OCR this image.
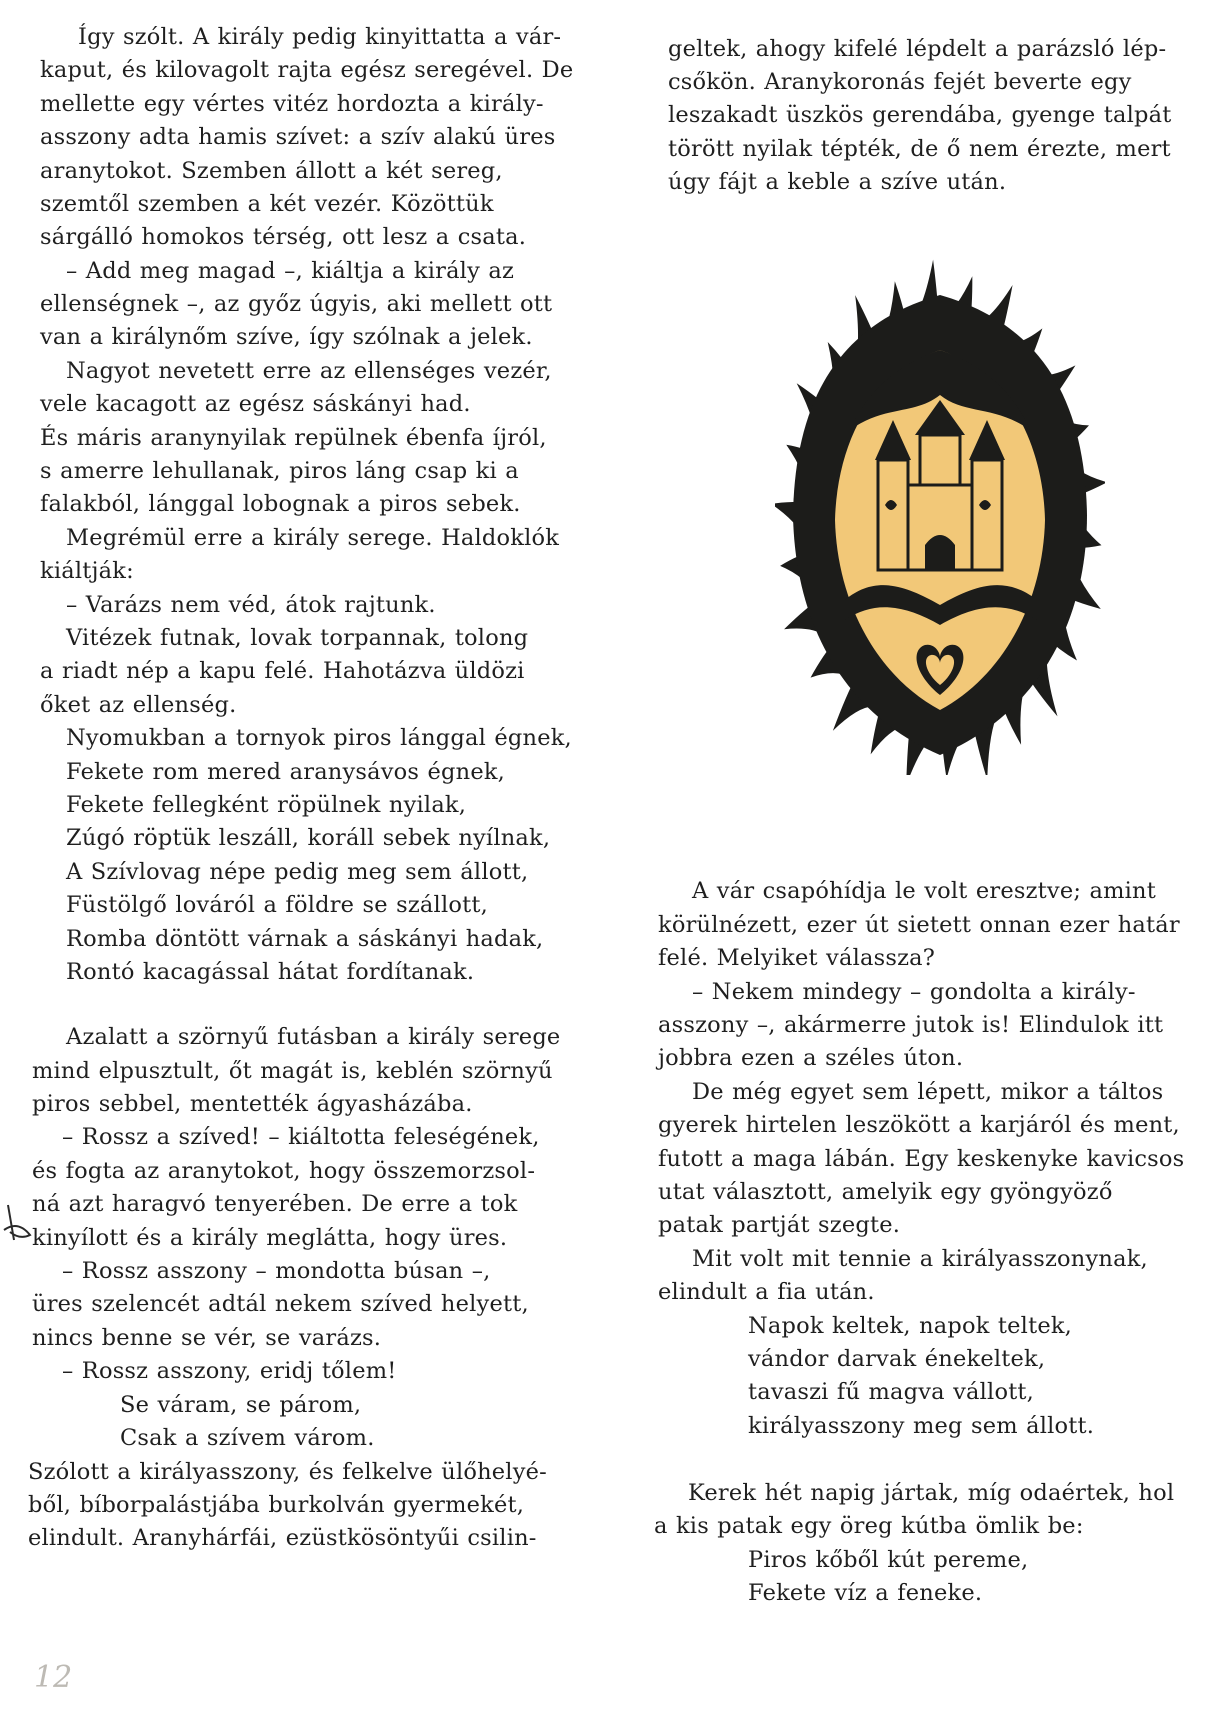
Így szólt. A király pedig kinyittatta a vár-
kaput, és kilovagolt rajta egész seregével. De
mellette egy vértes vitéz hordozta a király-
asszony adta hamis szívet: a szív alakú üres
aranytokot. Szemben állott a két sereg,
szemtől szemben a két vezér. Közöttük
sárgálló homokos térség, ott lesz a csata.
– Add meg magad –, kiáltja a király az
ellenségnek –, az győz úgyis, aki mellett ott
van a királynőm szíve, így szólnak a jelek.
Nagyot nevetett erre az ellenséges vezér,
vele kacagott az egész sáskányi had.
És máris aranynyilak repülnek ébenfa íjról,
s amerre lehullanak, piros láng csap ki a
falakból, lánggal lobognak a piros sebek.
Megrémül erre a király serege. Haldoklók
kiáltják:
– Varázs nem véd, átok rajtunk.
Vitézek futnak, lovak torpannak, tolong
a riadt nép a kapu felé. Hahotázva üldözi
őket az ellenség.
Nyomukban a tornyok piros lánggal égnek,
Fekete rom mered aranysávos égnek,
Fekete fellegként röpülnek nyilak,
Zúgó röptük leszáll, koráll sebek nyílnak,
A Szívlovag népe pedig meg sem állott,
Füstölgő lováról a földre se szállott,
Romba döntött várnak a sáskányi hadak,
Rontó kacagással hátat fordítanak.
Azalatt a szörnyű futásban a király serege
mind elpusztult, őt magát is, keblén szörnyű
piros sebbel, mentették ágyasházába.
– Rossz a szíved! – kiáltotta feleségének,
és fogta az aranytokot, hogy összemorzsol-
ná azt haragvó tenyerében. De erre a tok
kinyílott és a király meglátta, hogy üres.
– Rossz asszony – mondotta búsan –,
üres szelencét adtál nekem szíved helyett,
nincs benne se vér, se varázs.
– Rossz asszony, eridj tőlem!
Se váram, se párom,
Csak a szívem várom.
Szólott a királyasszony, és felkelve ülőhelyé-
ből, bíborpalástjába burkolván gyermekét,
elindult. Aranyhárfái, ezüstkösöntyűi csilin-
geltek, ahogy kifelé lépdelt a parázsló lép-
csőkön. Aranykoronás fejét beverte egy
leszakadt üszkös gerendába, gyenge talpát
törött nyilak tépték, de ő nem érezte, mert
úgy fájt a keble a szíve után.
A vár csapóhídja le volt eresztve; amint
körülnézett, ezer út sietett onnan ezer határ
felé. Melyiket válassza?
– Nekem mindegy – gondolta a király-
asszony –, akármerre jutok is! Elindulok itt
jobbra ezen a széles úton.
De még egyet sem lépett, mikor a táltos
gyerek hirtelen leszökött a karjáról és ment,
futott a maga lábán. Egy keskenyke kavicsos
utat választott, amelyik egy gyöngyöző
patak partját szegte.
Mit volt mit tennie a királyasszonynak,
elindult a fia után.
Napok keltek, napok teltek,
vándor darvak énekeltek,
tavaszi fű magva vállott,
királyasszony meg sem állott.
Kerek hét napig jártak, míg odaértek, hol
a kis patak egy öreg kútba ömlik be:
Piros kőből kút pereme,
Fekete víz a feneke.
12
